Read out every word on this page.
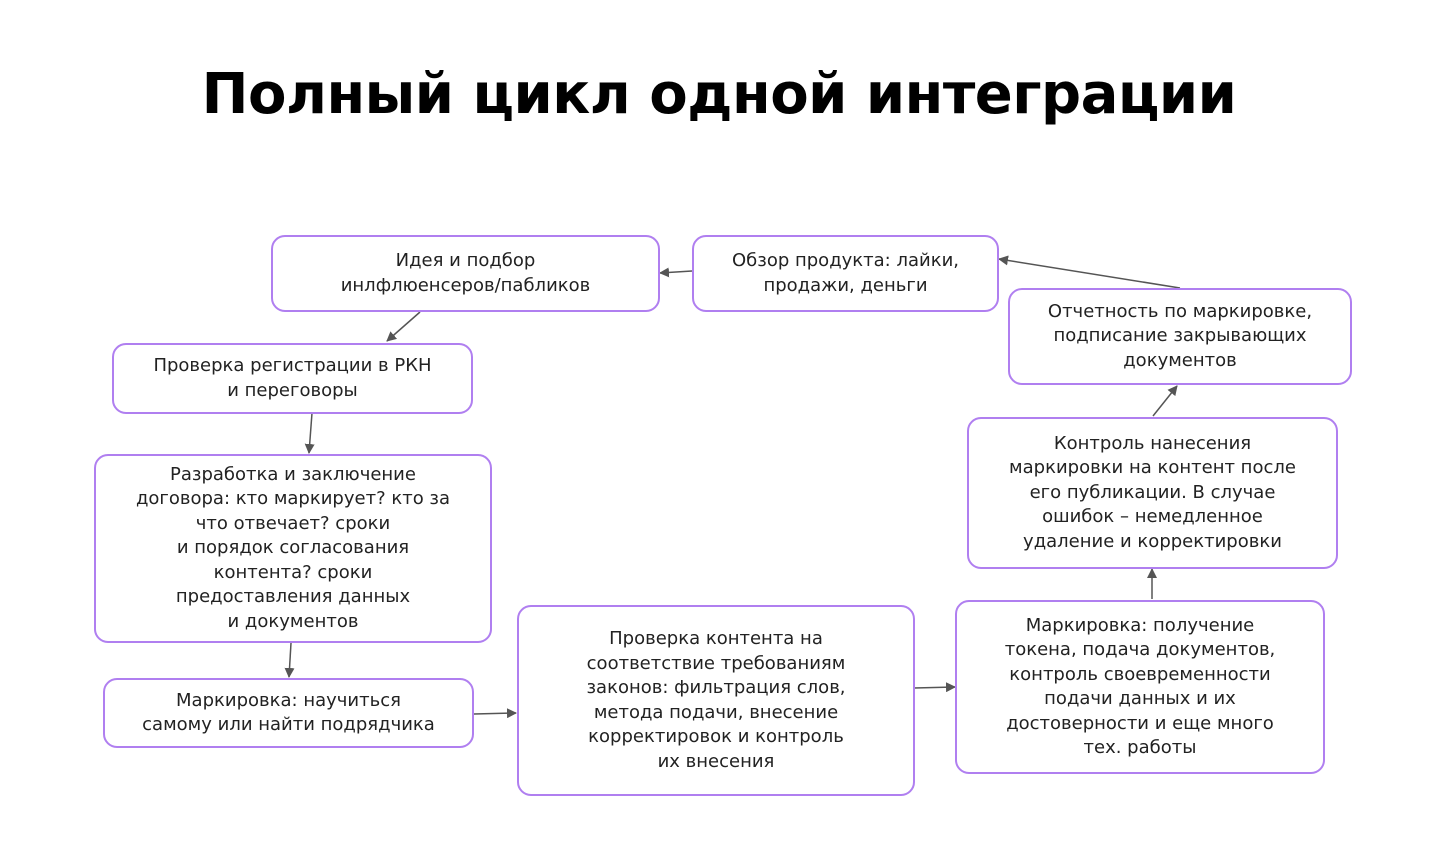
Полный цикл одной интеграции
Идея и подбор
инлфлюенсеров/пабликов
Обзор продукта: лайки,
продажи, деньги
Отчетность по маркировке,
подписание закрывающих
документов
Проверка регистрации в РКН
и переговоры
Контроль нанесения
маркировки на контент после
его публикации. В случае
ошибок – немедленное
удаление и корректировки
Разработка и заключение
договора: кто маркирует? кто за
что отвечает? сроки
и порядок согласования
контента? сроки
предоставления данных
и документов	Маркировка: получение
токена, подача документов,
контроль своевременности
подачи данных и их
достоверности и еще много
тех. работы
Проверка контента на
соответствие требованиям
законов: фильтрация слов,
метода подачи, внесение
корректировок и контроль
их внесения
Маркировка: научиться
самому или найти подрядчика
